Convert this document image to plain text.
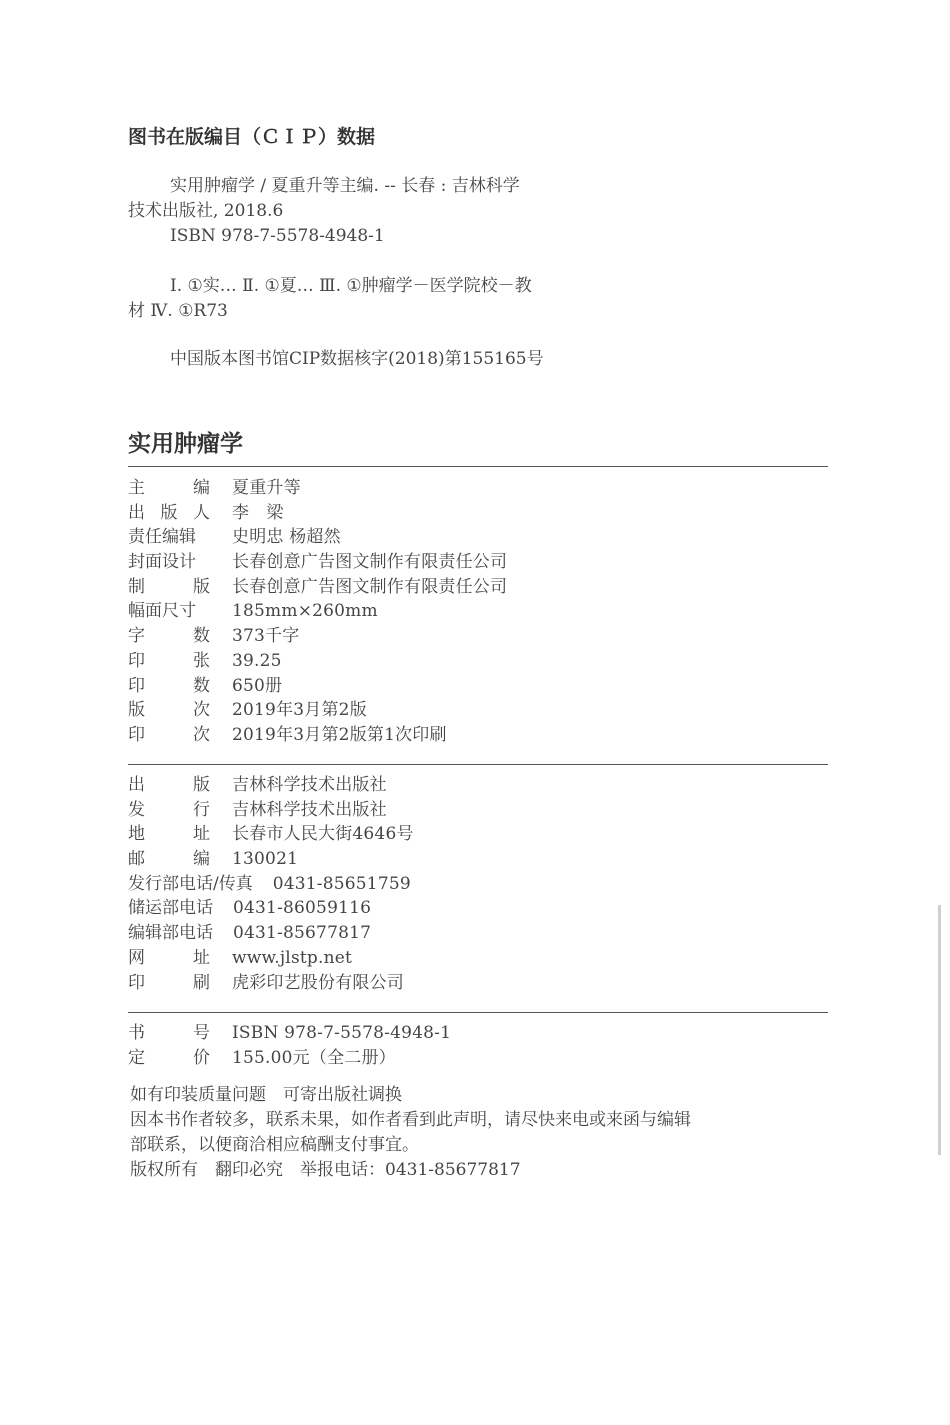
图书在版编目（ＣＩＰ）数据
实用肿瘤学 / 夏重升等主编. -- 长春 : 吉林科学
技术出版社, 2018.6
ISBN 978-7-5578-4948-1
Ⅰ. ①实… Ⅱ. ①夏… Ⅲ. ①肿瘤学－医学院校－教
材 Ⅳ. ①R73
中国版本图书馆CIP数据核字(2018)第155165号
实用肿瘤学
主	编 夏重升等
出 版 人 李　梁
责任编辑	史明忠 杨超然
封面设计	长春创意广告图文制作有限责任公司
制	版 长春创意广告图文制作有限责任公司
幅面尺寸	185mm×260mm
字	数 373千字
印	张 39.25
印	数 650册
版	次 2019年3月第2版
印	次 2019年3月第2版第1次印刷
出	版 吉林科学技术出版社
发	行 吉林科学技术出版社
地	址 长春市人民大街4646号
邮	编 130021
发行部电话/传真 0431-85651759
储运部电话 0431-86059116
编辑部电话 0431-85677817
网	址 www.jlstp.net
印	刷 虎彩印艺股份有限公司
书	号 ISBN 978-7-5578-4948-1
定	价 155.00元（全二册）
如有印装质量问题　可寄出版社调换
因本书作者较多，联系未果，如作者看到此声明，请尽快来电或来函与编辑
部联系，以便商洽相应稿酬支付事宜。
版权所有　翻印必究　举报电话：0431-85677817
